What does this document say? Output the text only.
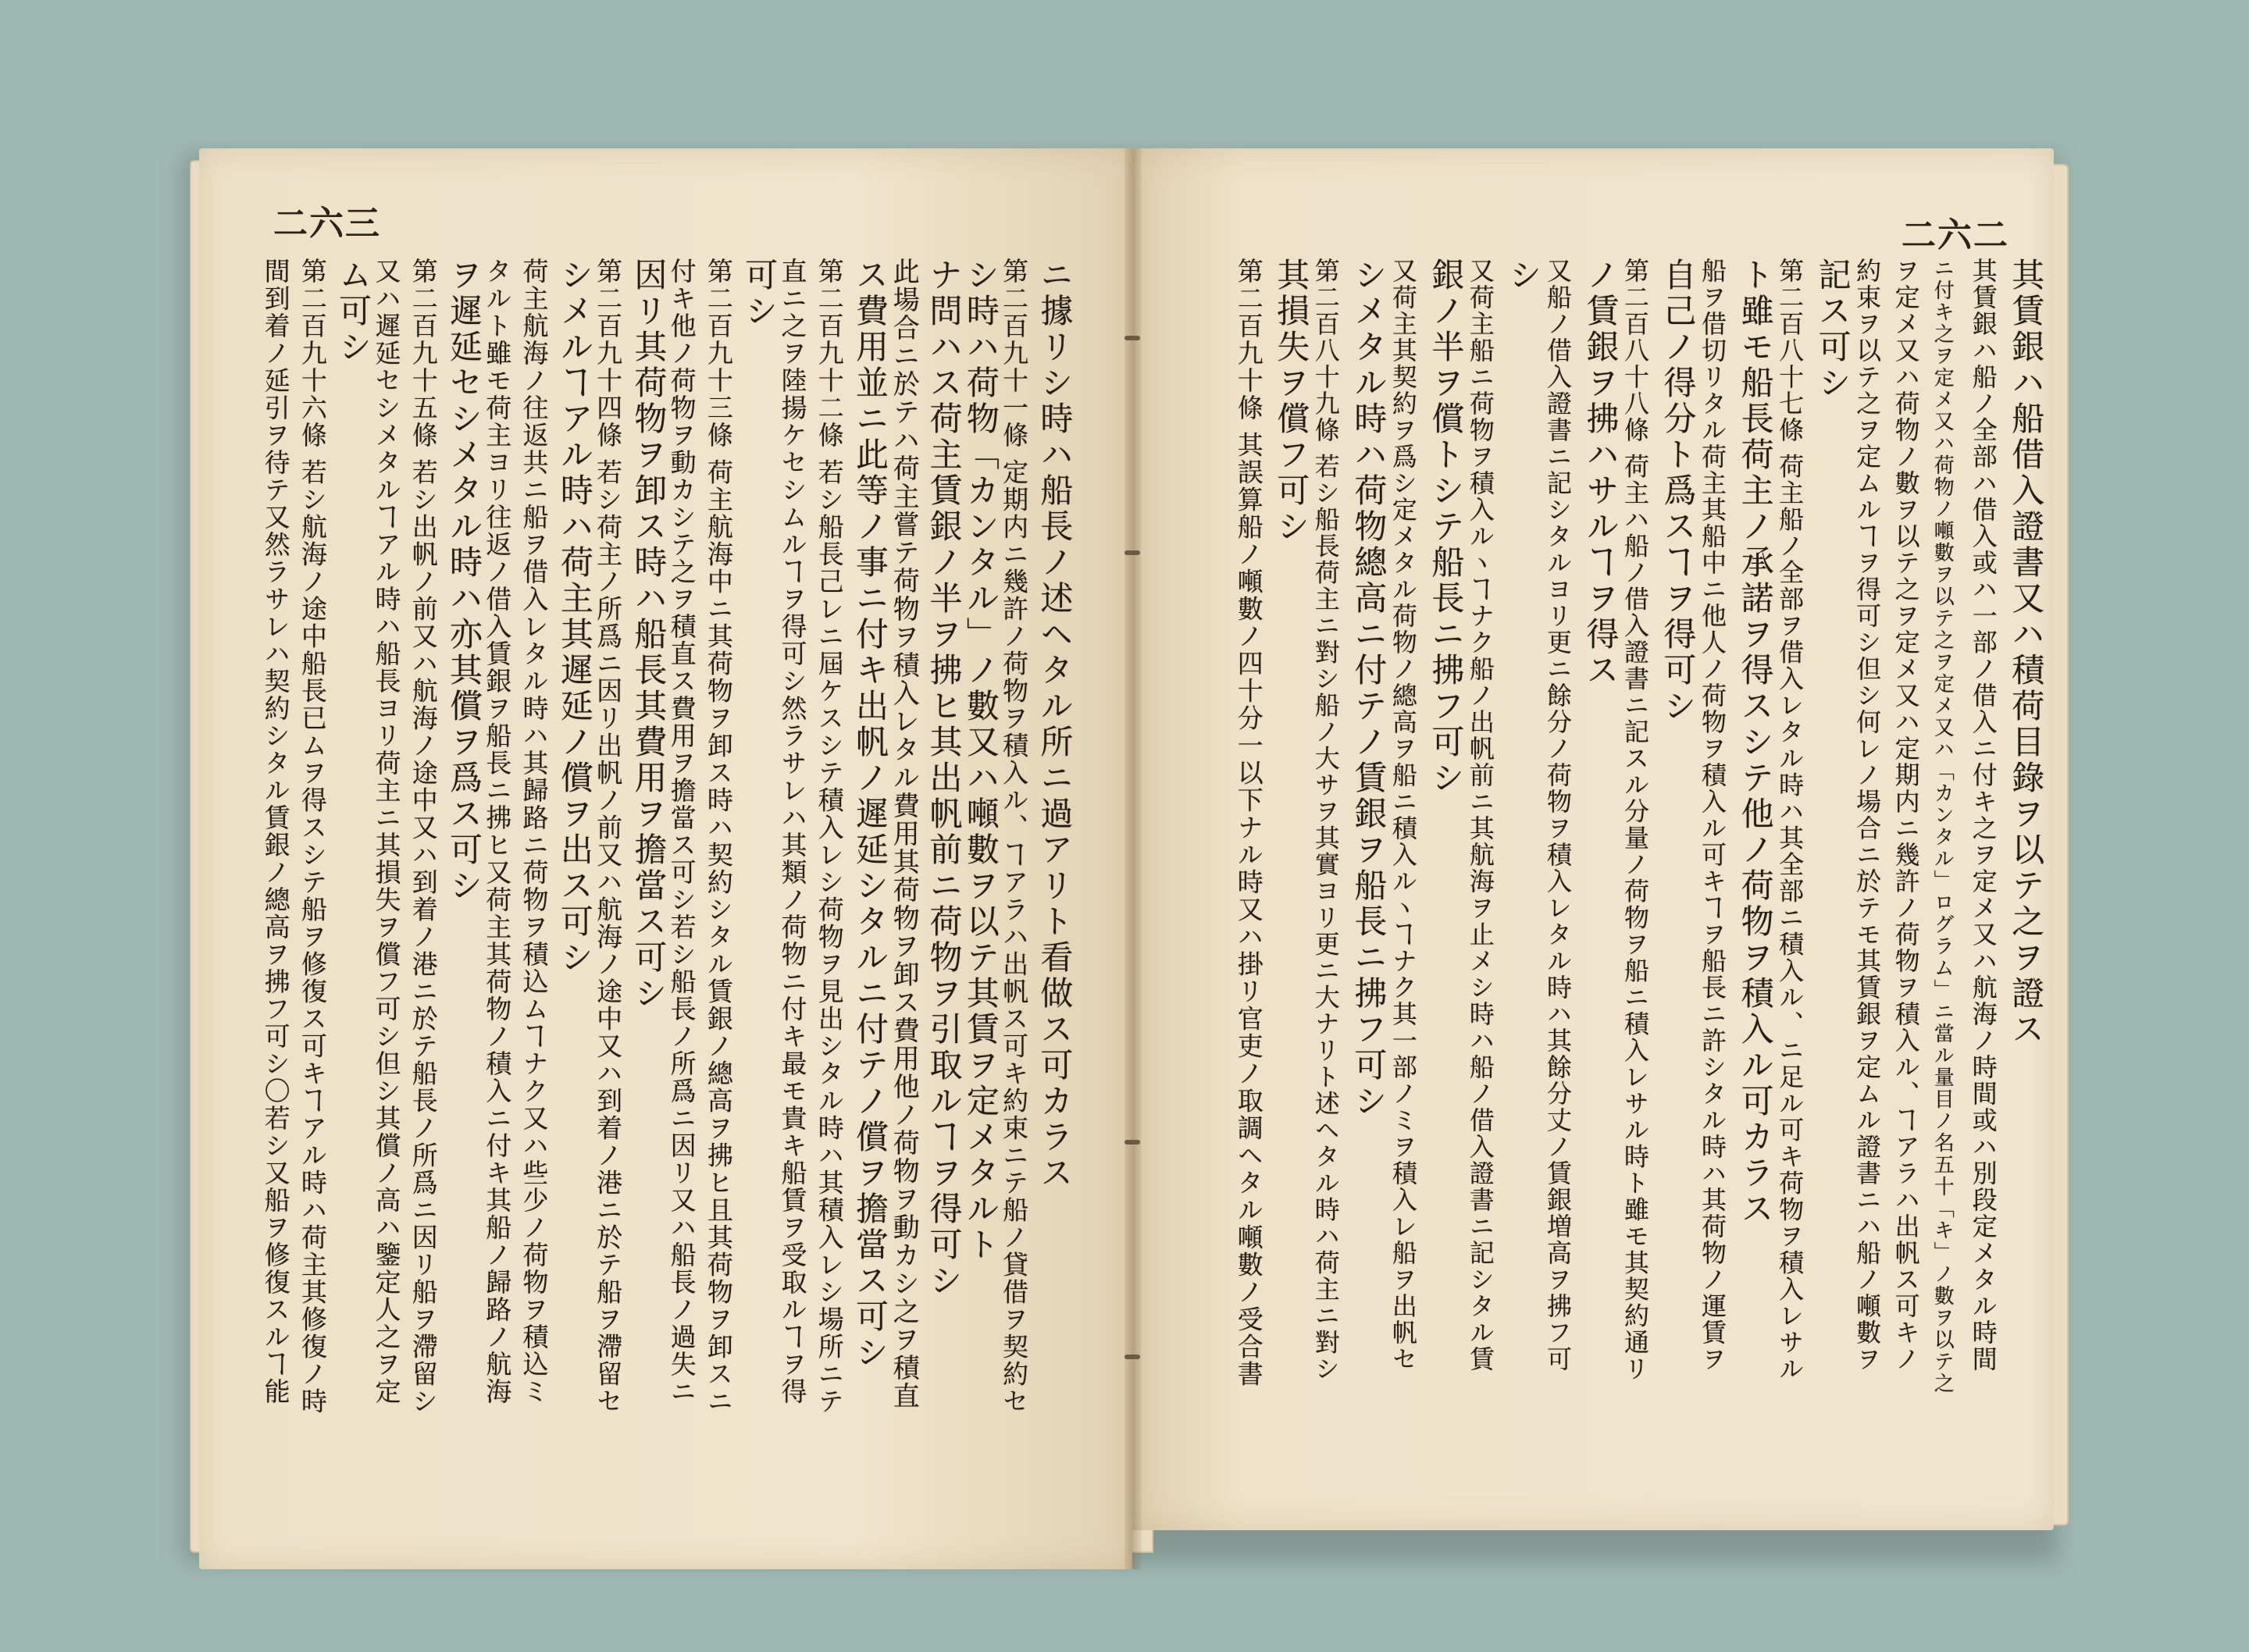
二六三
ニ據リシ時ハ船長ノ述ヘタル所ニ過アリト看做ス可カラス
第二百九十一條 定期内ニ幾許ノ荷物ヲ積入ル、ヿアラハ出帆ス可キ約束ニテ船ノ貸借ヲ契約セ
シ時ハ荷物「カンタル」ノ數又ハ噸數ヲ以テ其賃ヲ定メタルト
ナ問ハス荷主賃銀ノ半ヲ拂ヒ其出帆前ニ荷物ヲ引取ルヿヲ得可シ
此場合ニ於テハ荷主嘗テ荷物ヲ積入レタル費用其荷物ヲ卸ス費用他ノ荷物ヲ動カシ之ヲ積直
ス費用並ニ此等ノ事ニ付キ出帆ノ遲延シタルニ付テノ償ヲ擔當ス可シ
第二百九十二條 若シ船長己レニ屆ケスシテ積入レシ荷物ヲ見出シタル時ハ其積入レシ場所ニテ
直ニ之ヲ陸揚ケセシムルヿヲ得可シ然ラサレハ其類ノ荷物ニ付キ最モ貴キ船賃ヲ受取ルヿヲ得
可シ
第二百九十三條 荷主航海中ニ其荷物ヲ卸ス時ハ契約シタル賃銀ノ總高ヲ拂ヒ且其荷物ヲ卸スニ
付キ他ノ荷物ヲ動カシテ之ヲ積直ス費用ヲ擔當ス可シ若シ船長ノ所爲ニ因リ又ハ船長ノ過失ニ
因リ其荷物ヲ卸ス時ハ船長其費用ヲ擔當ス可シ
第二百九十四條 若シ荷主ノ所爲ニ因リ出帆ノ前又ハ航海ノ途中又ハ到着ノ港ニ於テ船ヲ滯留セ
シメルヿアル時ハ荷主其遲延ノ償ヲ出ス可シ
荷主航海ノ往返共ニ船ヲ借入レタル時ハ其歸路ニ荷物ヲ積込ムヿナク又ハ些少ノ荷物ヲ積込ミ
タルト雖モ荷主ヨリ往返ノ借入賃銀ヲ船長ニ拂ヒ又荷主其荷物ノ積入ニ付キ其船ノ歸路ノ航海
ヲ遲延セシメタル時ハ亦其償ヲ爲ス可シ
第二百九十五條 若シ出帆ノ前又ハ航海ノ途中又ハ到着ノ港ニ於テ船長ノ所爲ニ因リ船ヲ滯留シ
又ハ遲延セシメタルヿアル時ハ船長ヨリ荷主ニ其損失ヲ償フ可シ但シ其償ノ高ハ鑒定人之ヲ定
ム可シ
第二百九十六條 若シ航海ノ途中船長已ムヲ得スシテ船ヲ修復ス可キヿアル時ハ荷主其修復ノ時
間到着ノ延引ヲ待テ又然ラサレハ契約シタル賃銀ノ總高ヲ拂フ可シ〇若シ又船ヲ修復スルヿ能
二六二
其賃銀ハ船借入證書又ハ積荷目錄ヲ以テ之ヲ證ス
其賃銀ハ船ノ全部ハ借入或ハ一部ノ借入ニ付キ之ヲ定メ又ハ航海ノ時間或ハ別段定メタル時間
ニ付キ之ヲ定メ又ハ荷物ノ噸數ヲ以テ之ヲ定メ又ハ「カンタル」ログラム」ニ當ル量目ノ名五十「キ」ノ數ヲ以テ之
ヲ定メ又ハ荷物ノ數ヲ以テ之ヲ定メ又ハ定期内ニ幾許ノ荷物ヲ積入ル、ヿアラハ出帆ス可キノ
約束ヲ以テ之ヲ定ムルヿヲ得可シ但シ何レノ場合ニ於テモ其賃銀ヲ定ムル證書ニハ船ノ噸數ヲ
記ス可シ
第二百八十七條 荷主船ノ全部ヲ借入レタル時ハ其全部ニ積入ル、ニ足ル可キ荷物ヲ積入レサル
ト雖モ船長荷主ノ承諾ヲ得スシテ他ノ荷物ヲ積入ル可カラス
船ヲ借切リタル荷主其船中ニ他人ノ荷物ヲ積入ル可キヿヲ船長ニ許シタル時ハ其荷物ノ運賃ヲ
自己ノ得分ト爲スヿヲ得可シ
第二百八十八條 荷主ハ船ノ借入證書ニ記スル分量ノ荷物ヲ船ニ積入レサル時ト雖モ其契約通リ
ノ賃銀ヲ拂ハサルヿヲ得ス
又船ノ借入證書ニ記シタルヨリ更ニ餘分ノ荷物ヲ積入レタル時ハ其餘分丈ノ賃銀増高ヲ拂フ可
シ
又荷主船ニ荷物ヲ積入ルヽヿナク船ノ出帆前ニ其航海ヲ止メシ時ハ船ノ借入證書ニ記シタル賃
銀ノ半ヲ償トシテ船長ニ拂フ可シ
又荷主其契約ヲ爲シ定メタル荷物ノ總高ヲ船ニ積入ルヽヿナク其一部ノミヲ積入レ船ヲ出帆セ
シメタル時ハ荷物總高ニ付テノ賃銀ヲ船長ニ拂フ可シ
第二百八十九條 若シ船長荷主ニ對シ船ノ大サヲ其實ヨリ更ニ大ナリト述ヘタル時ハ荷主ニ對シ
其損失ヲ償フ可シ
第二百九十條 其誤算船ノ噸數ノ四十分一以下ナル時又ハ掛リ官吏ノ取調ヘタル噸數ノ受合書
